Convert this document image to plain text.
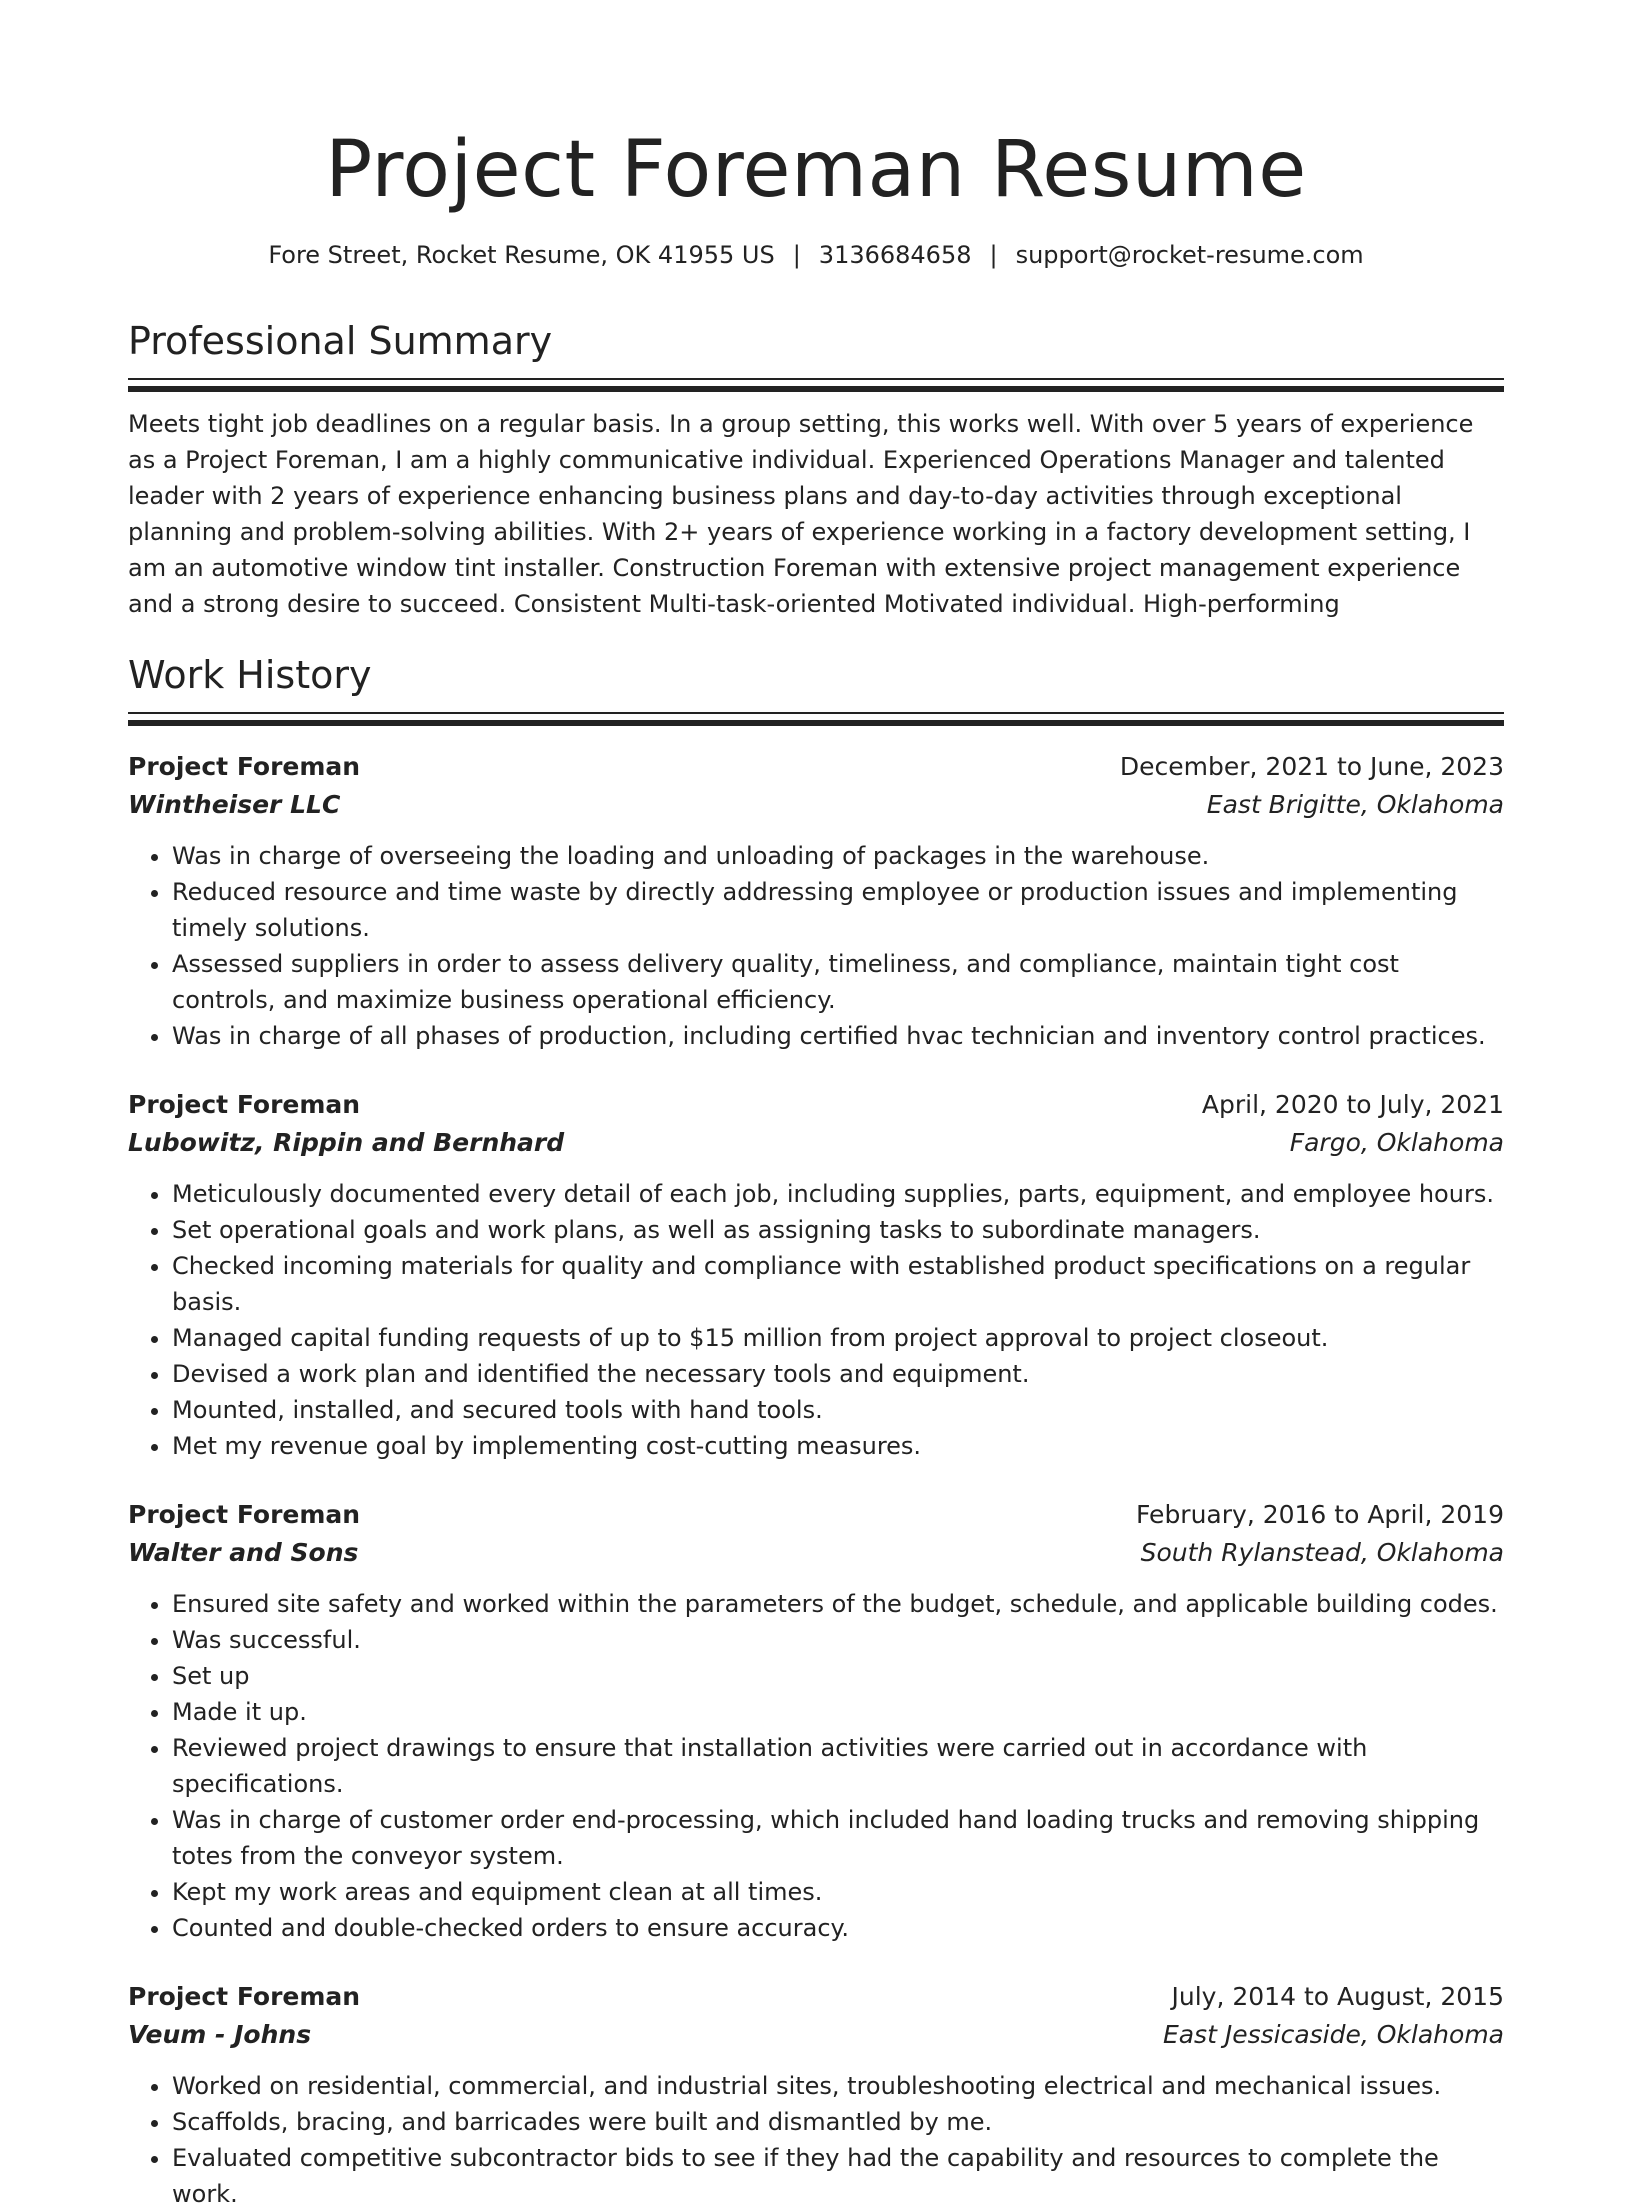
Project Foreman Resume
Fore Street, Rocket Resume, OK 41955 US | 3136684658 | support@rocket-resume.com
Professional Summary

Meets tight job deadlines on a regular basis. In a group setting, this works well. With over 5 years of experience as a Project Foreman, I am a highly communicative individual. Experienced Operations Manager and talented leader with 2 years of experience enhancing business plans and day-to-day activities through exceptional planning and problem-solving abilities. With 2+ years of experience working in a factory development setting, I am an automotive window tint installer. Construction Foreman with extensive project management experience and a strong desire to succeed. Consistent Multi-task-oriented Motivated individual. High-performing

Work History
Project Foreman	December, 2021 to June, 2023
Wintheiser LLC	East Brigitte, Oklahoma
• Was in charge of overseeing the loading and unloading of packages in the warehouse.
• Reduced resource and time waste by directly addressing employee or production issues and implementing timely solutions.
• Assessed suppliers in order to assess delivery quality, timeliness, and compliance, maintain tight cost controls, and maximize business operational efficiency.
• Was in charge of all phases of production, including certified hvac technician and inventory control practices.
Project Foreman	April, 2020 to July, 2021
Lubowitz, Rippin and Bernhard	Fargo, Oklahoma
• Meticulously documented every detail of each job, including supplies, parts, equipment, and employee hours.
• Set operational goals and work plans, as well as assigning tasks to subordinate managers.
• Checked incoming materials for quality and compliance with established product specifications on a regular basis.
• Managed capital funding requests of up to $15 million from project approval to project closeout.
• Devised a work plan and identified the necessary tools and equipment.
• Mounted, installed, and secured tools with hand tools.
• Met my revenue goal by implementing cost-cutting measures.
Project Foreman	February, 2016 to April, 2019
Walter and Sons	South Rylanstead, Oklahoma
• Ensured site safety and worked within the parameters of the budget, schedule, and applicable building codes.
• Was successful.
• Set up
• Made it up.
• Reviewed project drawings to ensure that installation activities were carried out in accordance with specifications.
• Was in charge of customer order end-processing, which included hand loading trucks and removing shipping totes from the conveyor system.
• Kept my work areas and equipment clean at all times.
• Counted and double-checked orders to ensure accuracy.
Project Foreman	July, 2014 to August, 2015
Veum - Johns	East Jessicaside, Oklahoma
• Worked on residential, commercial, and industrial sites, troubleshooting electrical and mechanical issues.
• Scaffolds, bracing, and barricades were built and dismantled by me.
• Evaluated competitive subcontractor bids to see if they had the capability and resources to complete the work.
